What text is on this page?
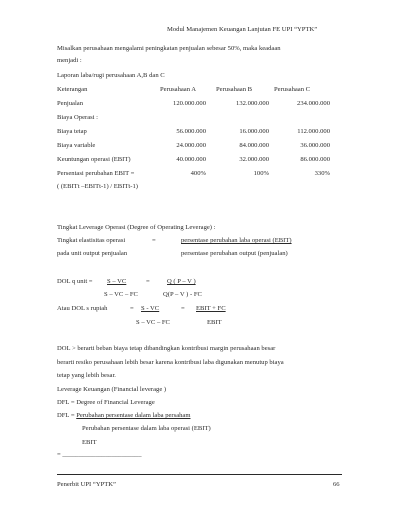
Modul Manajemen Keuangan Lanjutan FE UPI “YPTK”
Misalkan perusahaan mengalami peningkatan penjualan sebesar 50%, maka keadaan
menjadi :
Laporan laba/rugi perusahaan A,B dan C
Keterangan	Perusahaan A	Perusahaan B	Perusahaan C
Penjualan	120.000.000	132.000.000	234.000.000
Biaya Operasi :
Biaya tetap	56.000.000	16.000.000	112.000.000
Biaya variable	24.000.000	84.000.000	36.000.000
Keuntungan operasi (EBIT)	40.000.000	32.000.000	86.000.000
Persentasi perubahan EBIT =	400%	100%	330%
( (EBITt –EBITt-1) / EBITt-1)
Tingkat Leverage Operasi (Degree of Operating Leverage) :
Tingkat elastisitas operasi	=	persentase perubahan laba operasi (EBIT)
pada unit output penjualan	persentase perubahan output (penjualan)
DOL q unit = S – VC	=	Q ( P – V )
S – VC – FC	Q(P – V ) - FC
Atau DOL s rupiah	= S - VC	= EBIT + FC
S – VC – FC	EBIT
DOL > berarti beban biaya tetap dibandingkan kontribusi margin perusahaan besar
berarti resiko perusahaan lebih besar karena kontribusi laba digunakan menutup biaya
tetap yang lebih besar.
Leverage Keuangan (Financial leverage )
DFL = Degree of Financial Leverage
DFL = Perubahan persentase dalam laba persaham
Perubahan persentase dalam laba operasi (EBIT)
EBIT
= ________________________
Penerbit UPI “YPTK”	66
